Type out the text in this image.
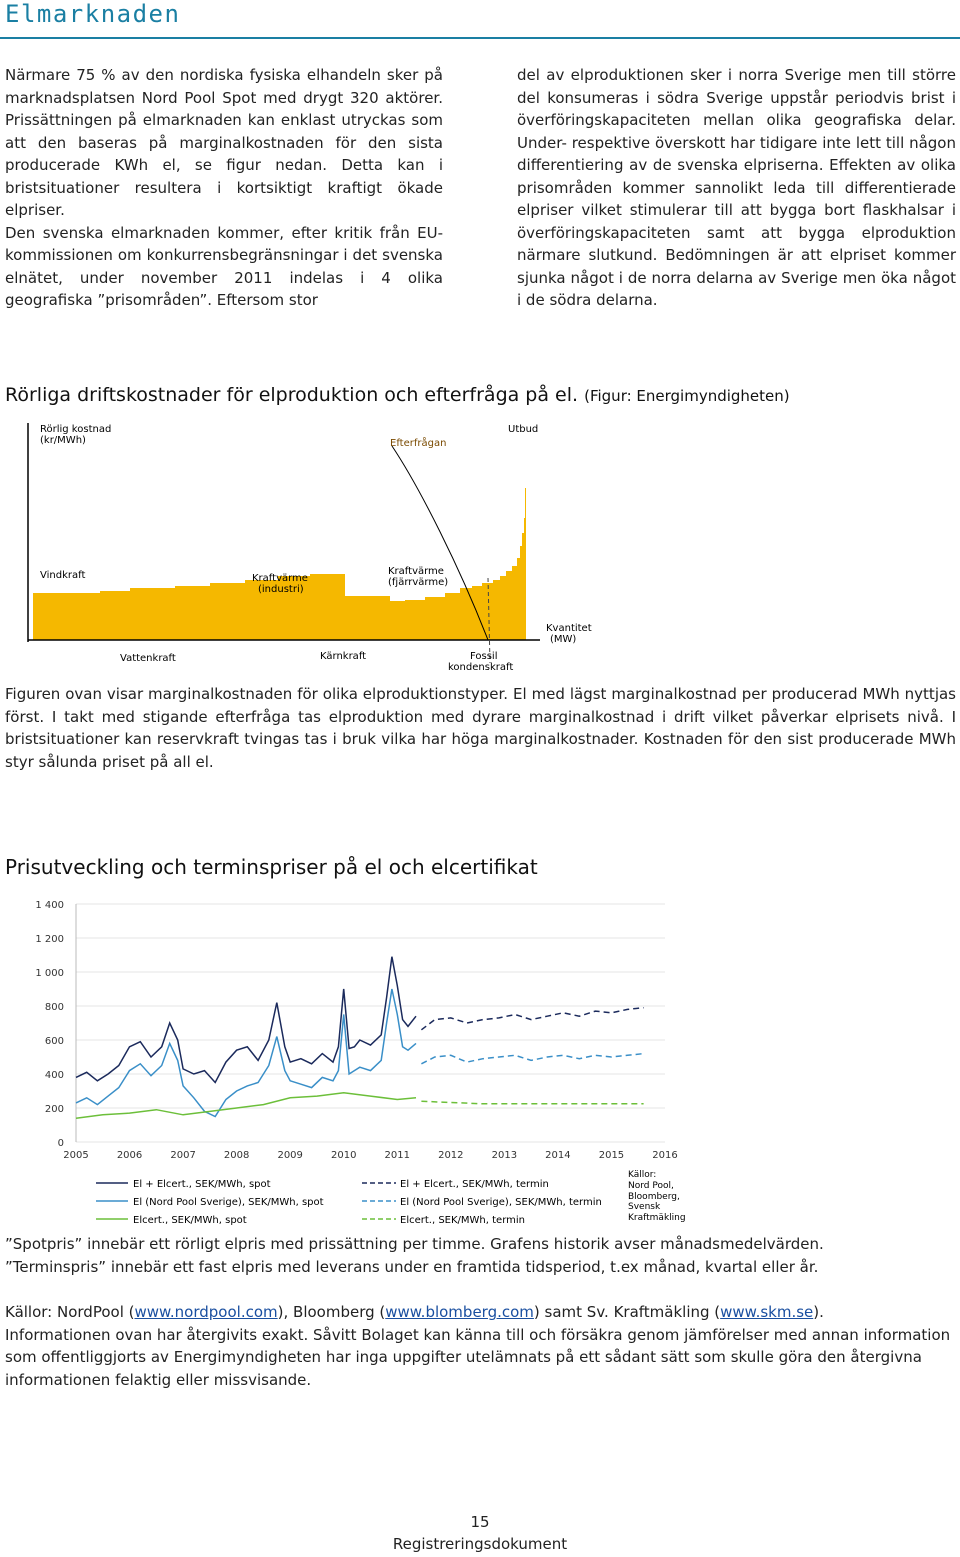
Elmarknaden

Närmare 75 % av den nordiska fysiska elhandeln sker på marknadsplatsen Nord Pool Spot med drygt 320 aktörer. Prissättningen på elmarknaden kan enklast utryckas som att den baseras på marginalkostnaden för den sista producerade KWh el, se figur nedan. Detta kan i bristsituationer resultera i kortsiktigt kraftigt ökade elpriser.

Den svenska elmarknaden kommer, efter kritik från EU-kommissionen om konkurrensbegränsningar i det svenska elnätet, under november 2011 indelas i 4 olika geografiska ”prisområden”. Eftersom stor

del av elproduktionen sker i norra Sverige men till större del konsumeras i södra Sverige uppstår periodvis brist i överföringskapaciteten mellan olika geografiska delar. Under- respektive överskott har tidigare inte lett till någon differentiering av de svenska elpriserna. Effekten av olika prisområden kommer sannolikt leda till differentierade elpriser vilket stimulerar till att bygga bort flaskhalsar i överföringskapaciteten samt att bygga elproduktion närmare slutkund. Bedömningen är att elpriset kommer sjunka något i de norra delarna av Sverige men öka något i de södra delarna.

Rörliga driftskostnader för elproduktion och efterfråga på el. (Figur: Energimyndigheten)
Rörlig kostnad
(kr/MWh)	Efterfrågan
Utbud
Vindkraft	Kraftvärme
(industri)
Kraftvärme
(fjärrvärme)
Vattenkraft	Kärnkraft	Fossil
kondenskraft
Kvantitet
(MW)

Figuren ovan visar marginalkostnaden för olika elproduktionstyper. El med lägst marginalkostnad per producerad MWh nyttjas först. I takt med stigande efterfråga tas elproduktion med dyrare marginalkostnad i drift vilket påverkar elprisets nivå. I bristsituationer kan reservkraft tvingas tas i bruk vilka har höga marginalkostnader. Kostnaden för den sist producerade MWh styr sålunda priset på all el.

Prisutveckling och terminspriser på el och elcertifikat
1 400
1 200
1 000
800
600
400
200
0
2005	2006	2007	2008	2009	2010	2011	2012	2013	2014	2015	2016
El + Elcert., SEK/MWh, spot
El (Nord Pool Sverige), SEK/MWh, spot
Elcert., SEK/MWh, spot
El + Elcert., SEK/MWh, termin
El (Nord Pool Sverige), SEK/MWh, termin
Elcert., SEK/MWh, termin
Källor:
Nord Pool,
Bloomberg,
Svensk
Kraftmäkling

”Spotpris” innebär ett rörligt elpris med prissättning per timme. Grafens historik avser månadsmedelvärden.

”Terminspris” innebär ett fast elpris med leverans under en framtida tidsperiod, t.ex månad, kvartal eller år.

Källor: NordPool (www.nordpool.com), Bloomberg (www.blomberg.com) samt Sv. Kraftmäkling (www.skm.se).

Informationen ovan har återgivits exakt. Såvitt Bolaget kan känna till och försäkra genom jämförelser med annan information som offentliggjorts av Energimyndigheten har inga uppgifter utelämnats på ett sådant sätt som skulle göra den återgivna informationen felaktig eller missvisande.

15
Registreringsdokument
